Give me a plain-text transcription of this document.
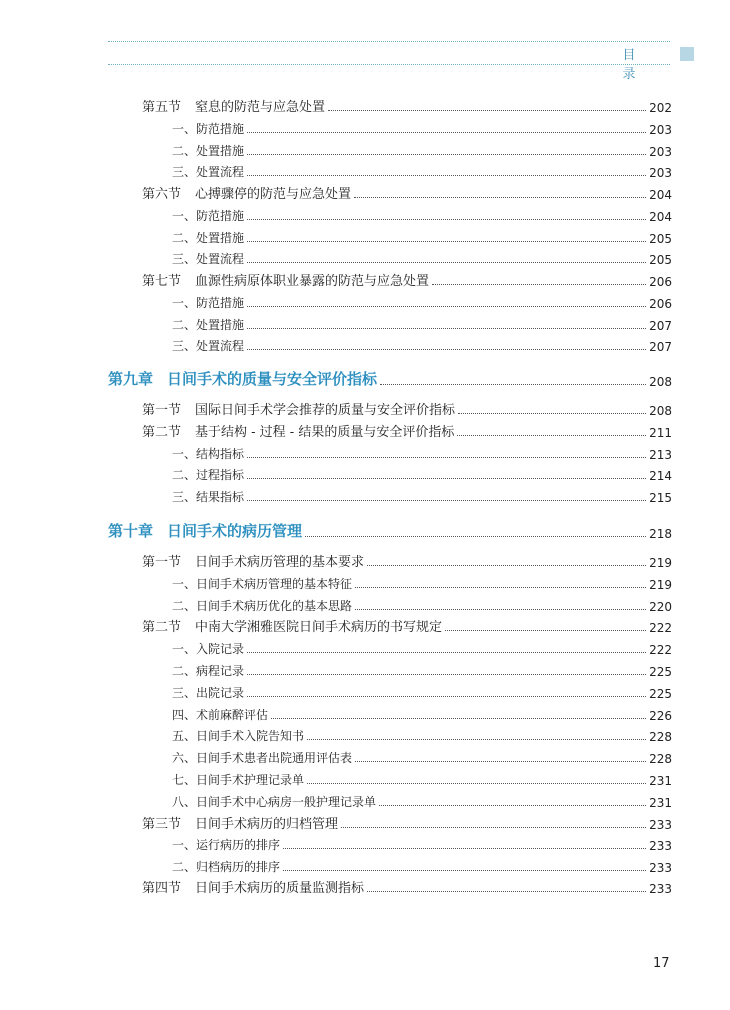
目 录
第五节 窒息的防范与应急处置	202
一、防范措施	203
二、处置措施	203
三、处置流程	203
第六节 心搏骤停的防范与应急处置	204
一、防范措施	204
二、处置措施	205
三、处置流程	205
第七节 血源性病原体职业暴露的防范与应急处置	206
一、防范措施	206
二、处置措施	207
三、处置流程	207
第九章 日间手术的质量与安全评价指标	208
第一节 国际日间手术学会推荐的质量与安全评价指标	208
第二节 基于结构 - 过程 - 结果的质量与安全评价指标	211
一、结构指标	213
二、过程指标	214
三、结果指标	215
第十章 日间手术的病历管理	218
第一节 日间手术病历管理的基本要求	219
一、日间手术病历管理的基本特征	219
二、日间手术病历优化的基本思路	220
第二节 中南大学湘雅医院日间手术病历的书写规定	222
一、入院记录	222
二、病程记录	225
三、出院记录	225
四、术前麻醉评估	226
五、日间手术入院告知书	228
六、日间手术患者出院通用评估表	228
七、日间手术护理记录单	231
八、日间手术中心病房一般护理记录单	231
第三节 日间手术病历的归档管理	233
一、运行病历的排序	233
二、归档病历的排序	233
第四节 日间手术病历的质量监测指标	233
17
